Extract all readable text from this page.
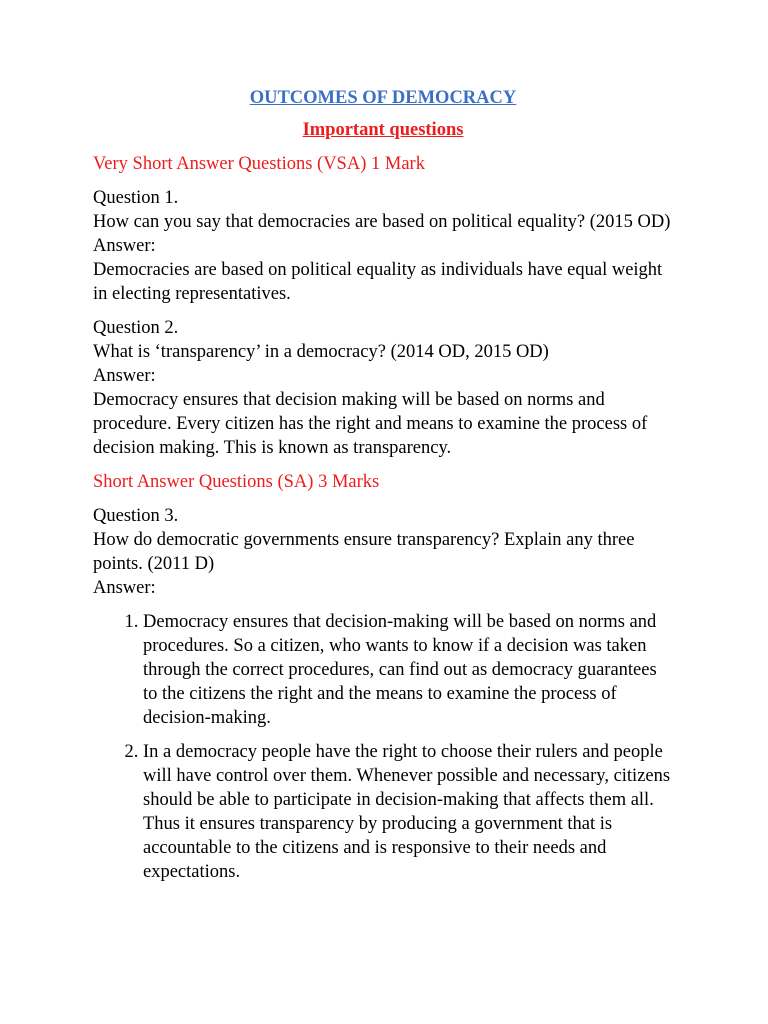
OUTCOMES OF DEMOCRACY
Important questions
Very Short Answer Questions (VSA) 1 Mark
Question 1.
How can you say that democracies are based on political equality? (2015 OD)
Answer:
Democracies are based on political equality as individuals have equal weight in electing representatives.
Question 2.
What is ‘transparency’ in a democracy? (2014 OD, 2015 OD)
Answer:
Democracy ensures that decision making will be based on norms and procedure. Every citizen has the right and means to examine the process of decision making. This is known as transparency.
Short Answer Questions (SA) 3 Marks
Question 3.
How do democratic governments ensure transparency? Explain any three points. (2011 D)
Answer:
1. Democracy ensures that decision-making will be based on norms and procedures. So a citizen, who wants to know if a decision was taken through the correct procedures, can find out as democracy guarantees to the citizens the right and the means to examine the process of decision-making.
2. In a democracy people have the right to choose their rulers and people will have control over them. Whenever possible and necessary, citizens should be able to participate in decision-making that affects them all. Thus it ensures transparency by producing a government that is accountable to the citizens and is responsive to their needs and expectations.
